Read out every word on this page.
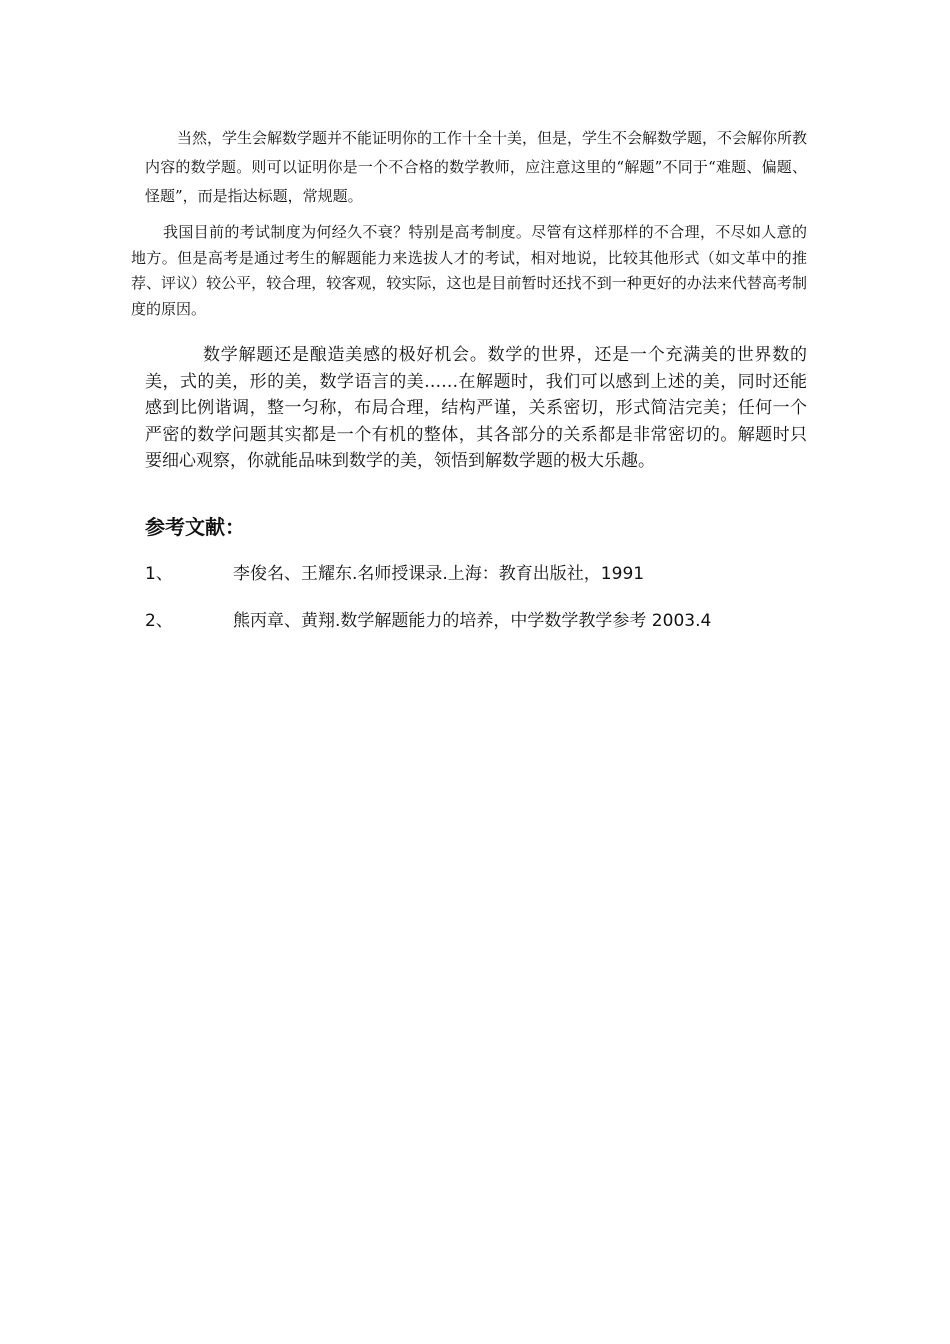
当然，学生会解数学题并不能证明你的工作十全十美，但是，学生不会解数学题，不会解你所教内容的数学题。则可以证明你是一个不合格的数学教师，应注意这里的“解题”不同于“难题、偏题、怪题”，而是指达标题，常规题。

我国目前的考试制度为何经久不衰？特别是高考制度。尽管有这样那样的不合理，不尽如人意的地方。但是高考是通过考生的解题能力来选拔人才的考试，相对地说，比较其他形式（如文革中的推荐、评议）较公平，较合理，较客观，较实际，这也是目前暂时还找不到一种更好的办法来代替高考制度的原因。

数学解题还是酿造美感的极好机会。数学的世界，还是一个充满美的世界数的美，式的美，形的美，数学语言的美……在解题时，我们可以感到上述的美，同时还能感到比例谐调，整一匀称，布局合理，结构严谨，关系密切，形式简洁完美；任何一个严密的数学问题其实都是一个有机的整体，其各部分的关系都是非常密切的。解题时只要细心观察，你就能品味到数学的美，领悟到解数学题的极大乐趣。

参考文献：
1、	李俊名、王耀东.名师授课录.上海：教育出版社，1991
2、	熊丙章、黄翔.数学解题能力的培养，中学数学教学参考 2003.4
